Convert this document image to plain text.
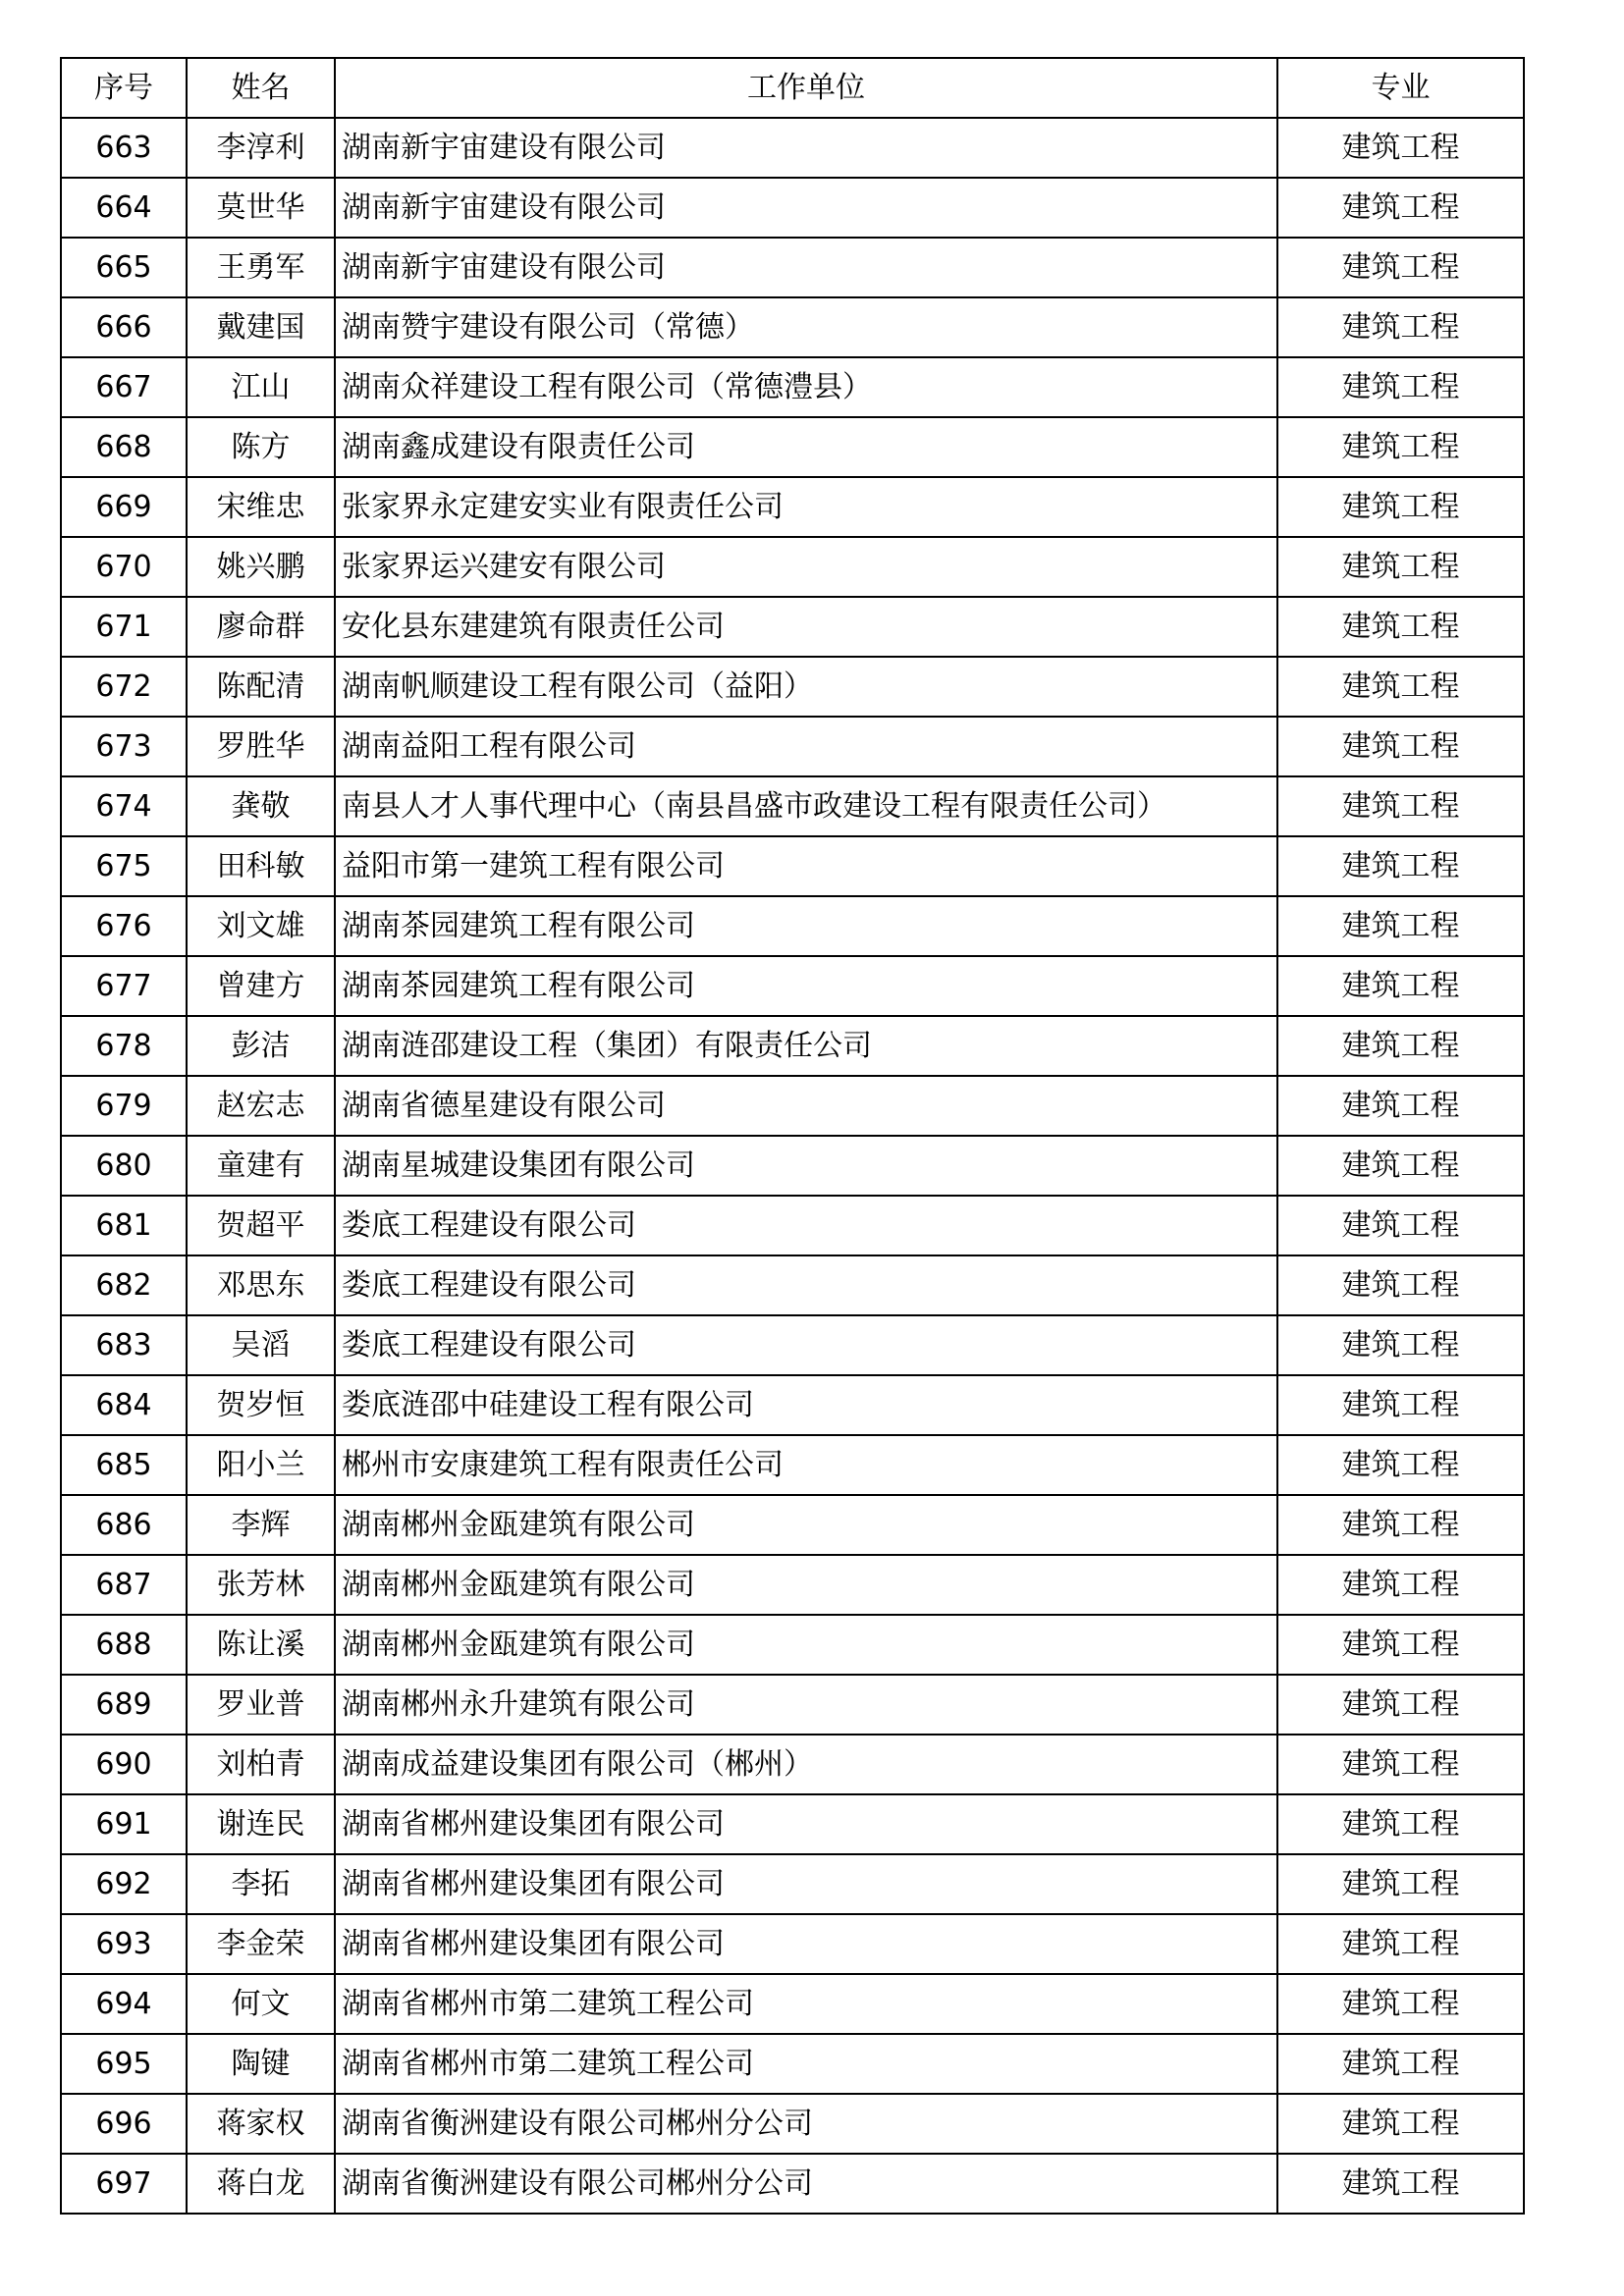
序号	姓名	工作单位	专业
663	李淳利	湖南新宇宙建设有限公司	建筑工程
664	莫世华	湖南新宇宙建设有限公司	建筑工程
665	王勇军	湖南新宇宙建设有限公司	建筑工程
666	戴建国	湖南赞宇建设有限公司（常德）	建筑工程
667	江山	湖南众祥建设工程有限公司（常德澧县）	建筑工程
668	陈方	湖南鑫成建设有限责任公司	建筑工程
669	宋维忠	张家界永定建安实业有限责任公司	建筑工程
670	姚兴鹏	张家界运兴建安有限公司	建筑工程
671	廖命群	安化县东建建筑有限责任公司	建筑工程
672	陈配清	湖南帆顺建设工程有限公司（益阳）	建筑工程
673	罗胜华	湖南益阳工程有限公司	建筑工程
674	龚敬	南县人才人事代理中心（南县昌盛市政建设工程有限责任公司）	建筑工程
675	田科敏	益阳市第一建筑工程有限公司	建筑工程
676	刘文雄	湖南茶园建筑工程有限公司	建筑工程
677	曾建方	湖南茶园建筑工程有限公司	建筑工程
678	彭洁	湖南涟邵建设工程（集团）有限责任公司	建筑工程
679	赵宏志	湖南省德星建设有限公司	建筑工程
680	童建有	湖南星城建设集团有限公司	建筑工程
681	贺超平	娄底工程建设有限公司	建筑工程
682	邓思东	娄底工程建设有限公司	建筑工程
683	吴滔	娄底工程建设有限公司	建筑工程
684	贺岁恒	娄底涟邵中硅建设工程有限公司	建筑工程
685	阳小兰	郴州市安康建筑工程有限责任公司	建筑工程
686	李辉	湖南郴州金瓯建筑有限公司	建筑工程
687	张芳林	湖南郴州金瓯建筑有限公司	建筑工程
688	陈让溪	湖南郴州金瓯建筑有限公司	建筑工程
689	罗业普	湖南郴州永升建筑有限公司	建筑工程
690	刘柏青	湖南成益建设集团有限公司（郴州）	建筑工程
691	谢连民	湖南省郴州建设集团有限公司	建筑工程
692	李拓	湖南省郴州建设集团有限公司	建筑工程
693	李金荣	湖南省郴州建设集团有限公司	建筑工程
694	何文	湖南省郴州市第二建筑工程公司	建筑工程
695	陶键	湖南省郴州市第二建筑工程公司	建筑工程
696	蒋家权	湖南省衡洲建设有限公司郴州分公司	建筑工程
697	蒋白龙	湖南省衡洲建设有限公司郴州分公司	建筑工程
